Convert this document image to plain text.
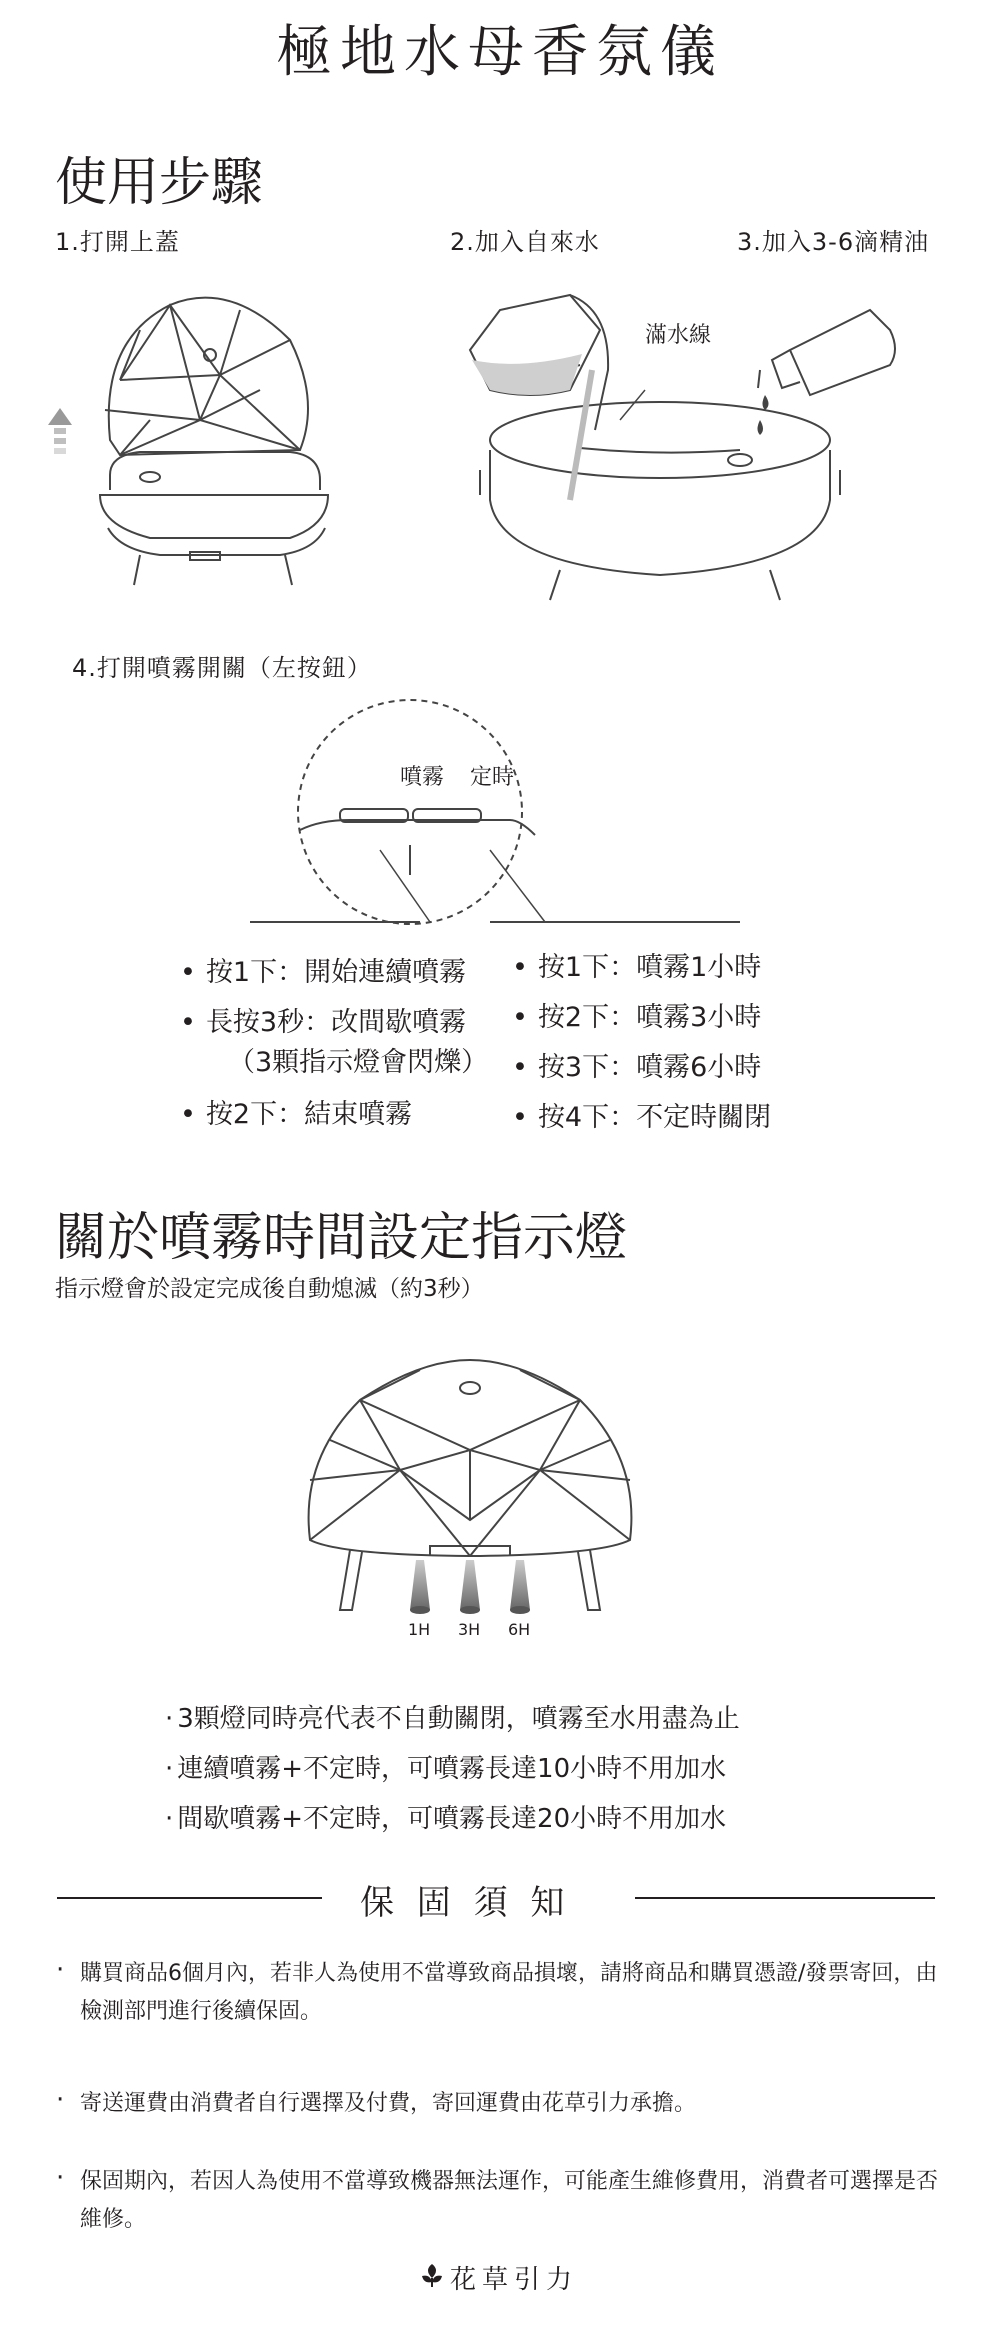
極地水母香氛儀
使用步驟
1.打開上蓋	2.加入自來水	3.加入3-6滴精油
滿水線
4.打開噴霧開關（左按鈕）
噴霧 定時
• 按1下：開始連續噴霧
• 長按3秒：改間歇噴霧
（3顆指示燈會閃爍）
• 按2下：結束噴霧
• 按1下：噴霧1小時
• 按2下：噴霧3小時
• 按3下：噴霧6小時
• 按4下：不定時關閉
關於噴霧時間設定指示燈
指示燈會於設定完成後自動熄滅（約3秒）
1H 3H 6H
· 3顆燈同時亮代表不自動關閉，噴霧至水用盡為止
· 連續噴霧+不定時，可噴霧長達10小時不用加水
· 間歇噴霧+不定時，可噴霧長達20小時不用加水
保 固 須 知
· 購買商品6個月內，若非人為使用不當導致商品損壞，請將商品和購買憑證/發票寄回，由檢測部門進行後續保固。
· 寄送運費由消費者自行選擇及付費，寄回運費由花草引力承擔。
· 保固期內，若因人為使用不當導致機器無法運作，可能產生維修費用，消費者可選擇是否維修。
花草引力
